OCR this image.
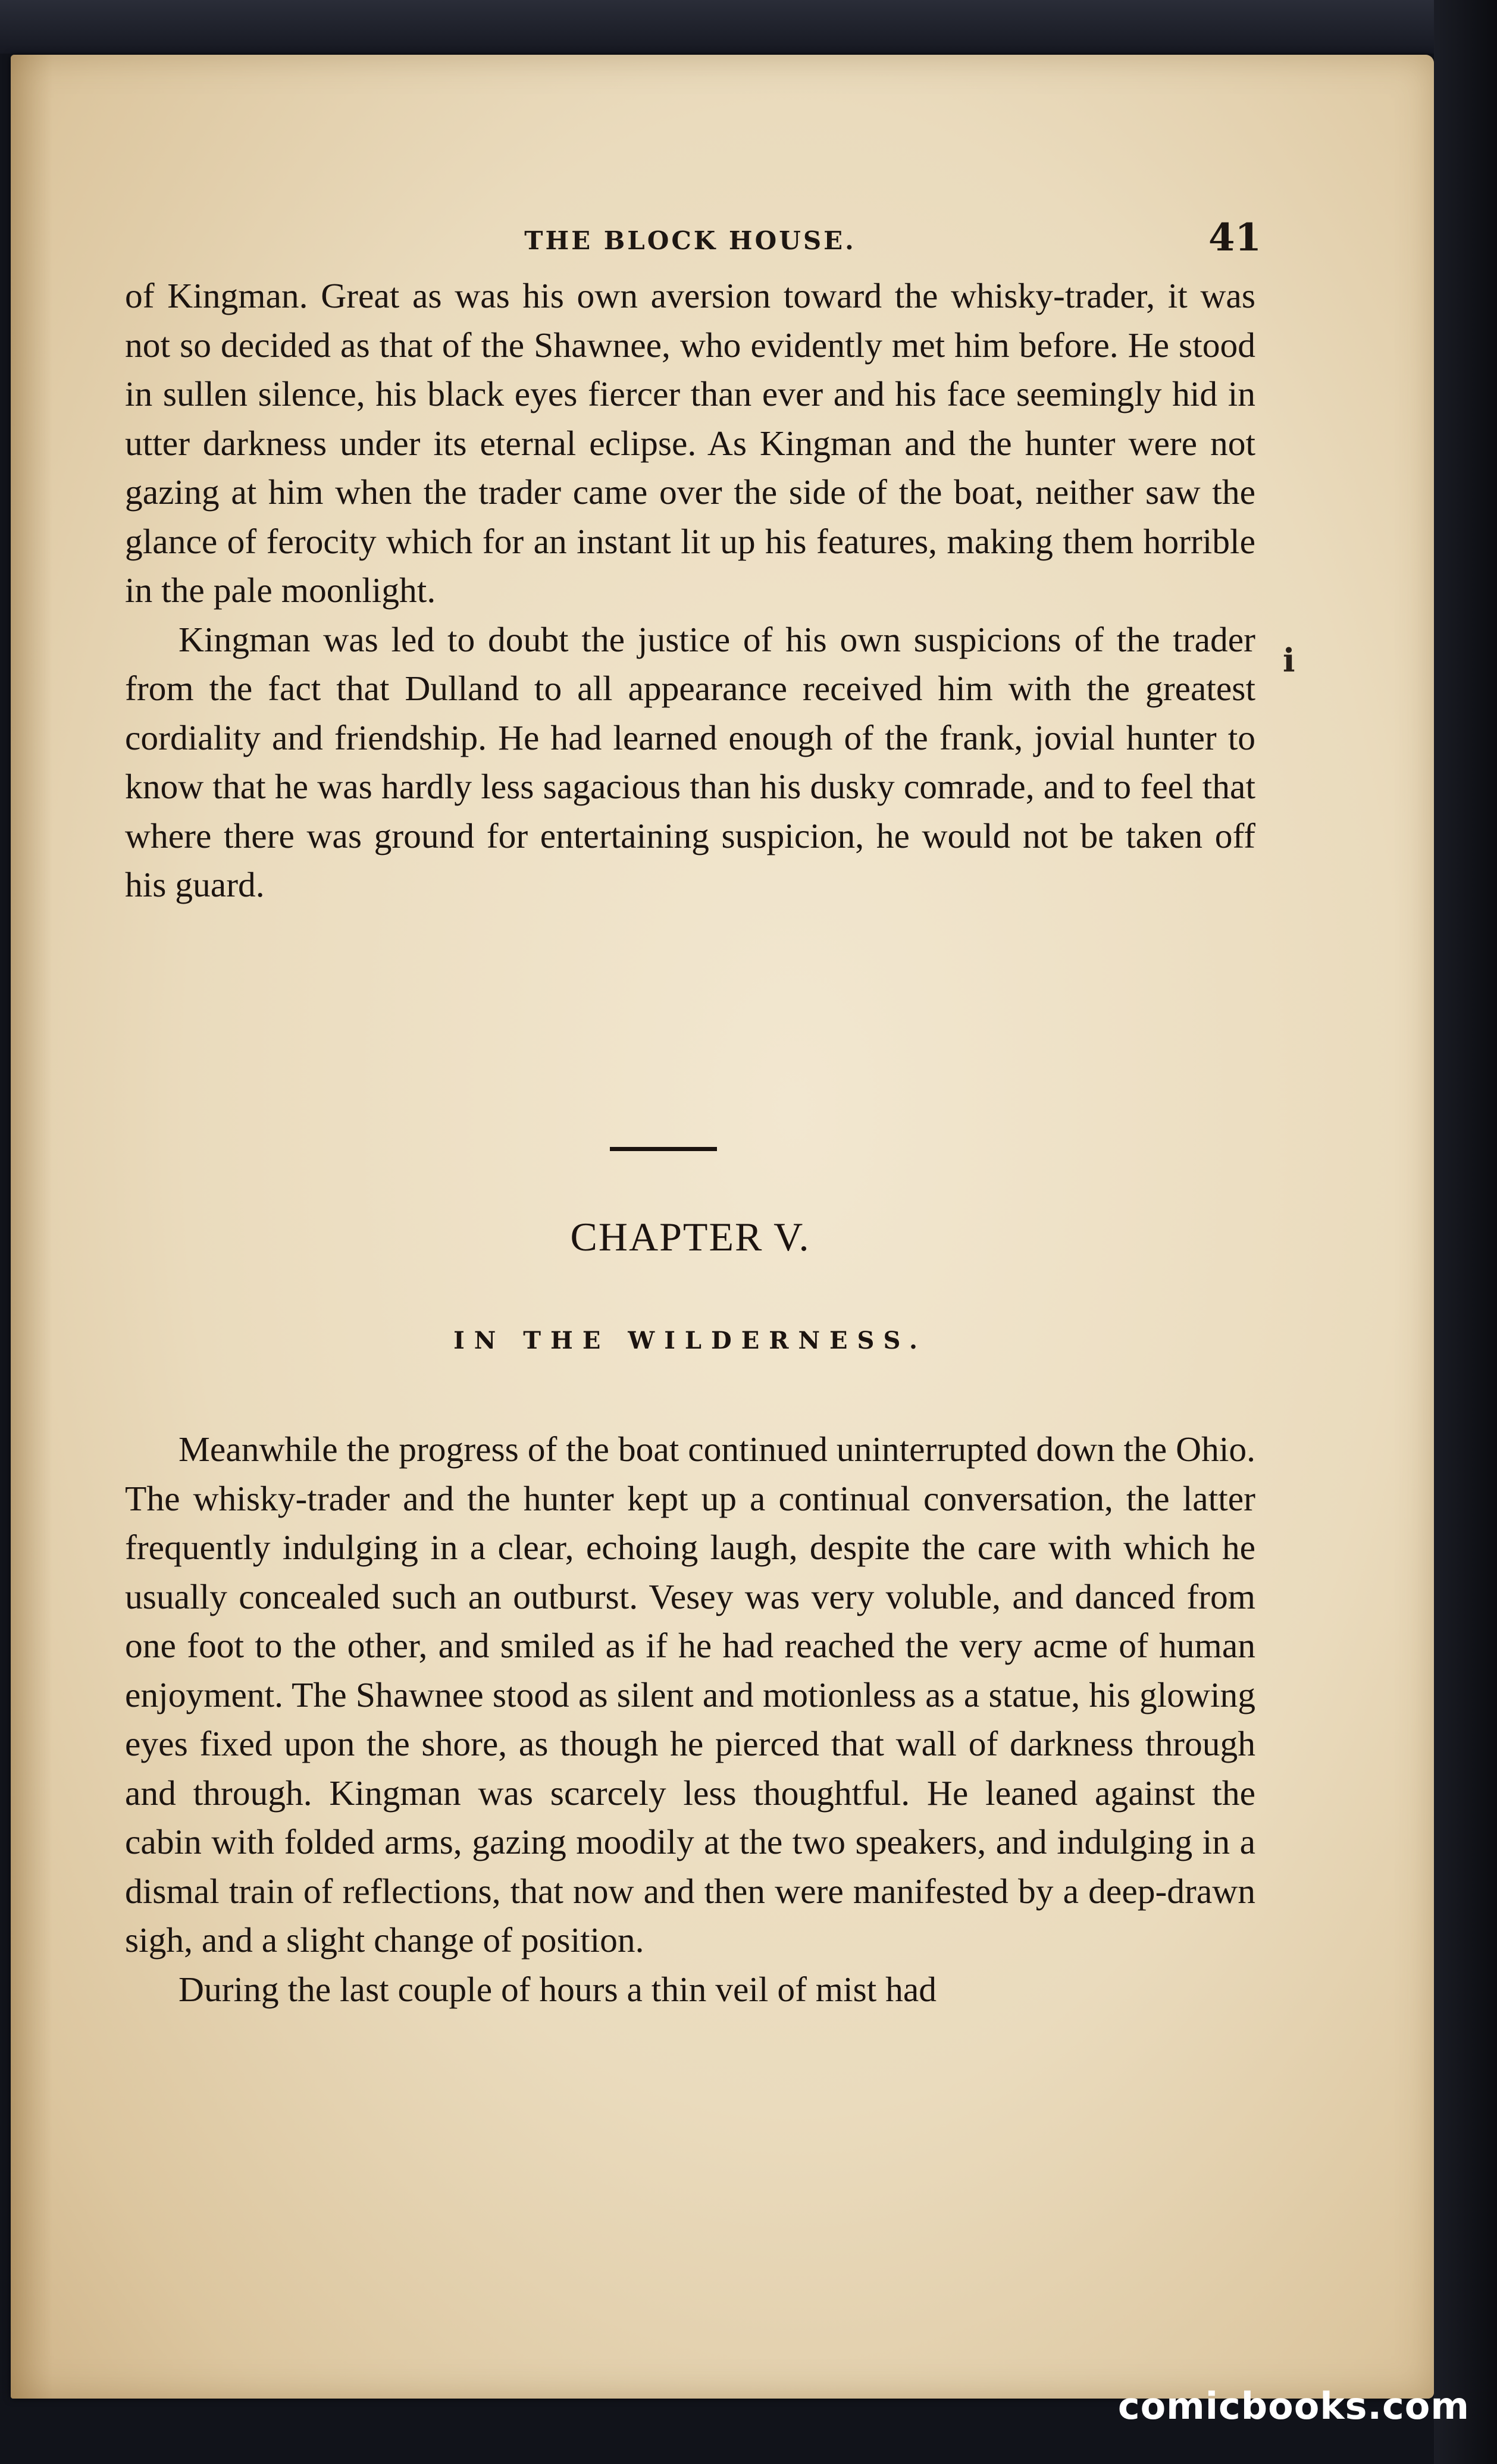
THE BLOCK HOUSE.	41

of Kingman. Great as was his own aversion toward the whisky-trader, it was not so decided as that of the Shawnee, who evidently met him before. He stood in sullen silence, his black eyes fiercer than ever and his face seemingly hid in utter darkness under its eternal eclipse. As Kingman and the hunter were not gazing at him when the trader came over the side of the boat, neither saw the glance of ferocity which for an instant lit up his features, making them horrible in the pale moonlight.

Kingman was led to doubt the justice of his own suspicions of the trader from the fact that Dulland to all appearance received him with the greatest cordiality and friendship. He had learned enough of the frank, jovial hunter to know that he was hardly less sagacious than his dusky comrade, and to feel that where there was ground for entertaining suspicion, he would not be taken off his guard.

i
CHAPTER V.
IN THE WILDERNESS.

Meanwhile the progress of the boat continued uninterrupted down the Ohio. The whisky-trader and the hunter kept up a continual conversation, the latter frequently indulging in a clear, echoing laugh, despite the care with which he usually concealed such an outburst. Vesey was very voluble, and danced from one foot to the other, and smiled as if he had reached the very acme of human enjoyment. The Shawnee stood as silent and motionless as a statue, his glowing eyes fixed upon the shore, as though he pierced that wall of darkness through and through. Kingman was scarcely less thoughtful. He leaned against the cabin with folded arms, gazing moodily at the two speakers, and indulging in a dismal train of reflections, that now and then were manifested by a deep-drawn sigh, and a slight change of position.

During the last couple of hours a thin veil of mist had

comicbooks.com
